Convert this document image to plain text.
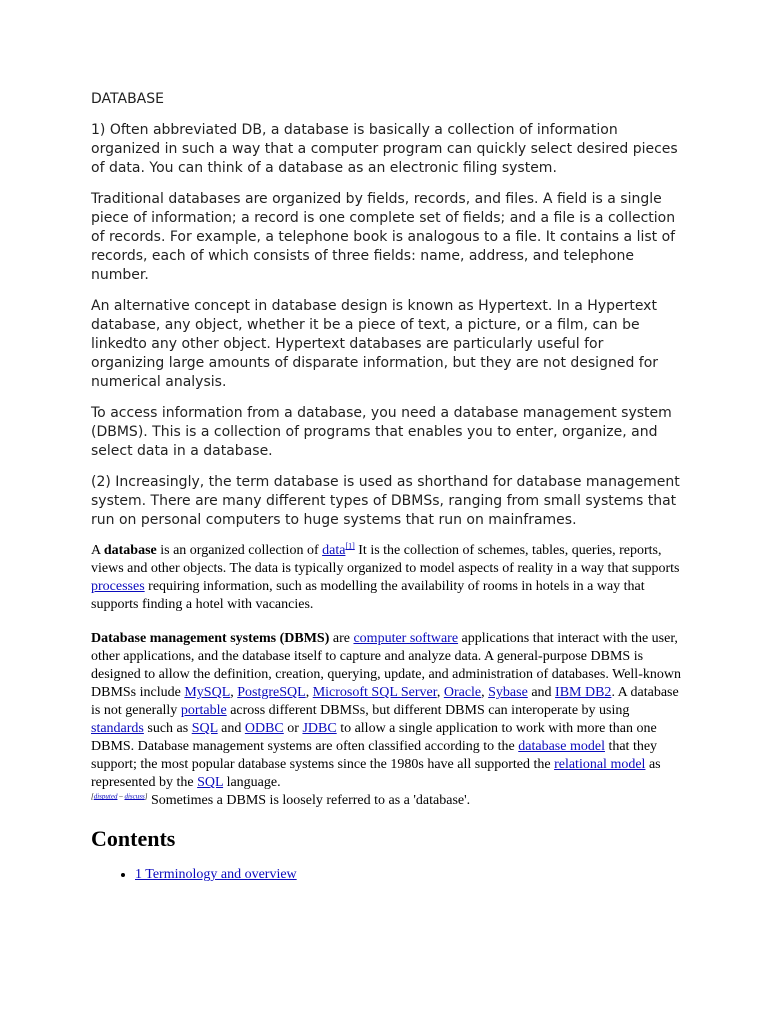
DATABASE

1) Often abbreviated DB, a database is basically a collection of information organized in such a way that a computer program can quickly select desired pieces of data. You can think of a database as an electronic filing system.

Traditional databases are organized by fields, records, and files. A field is a single piece of information; a record is one complete set of fields; and a file is a collection of records. For example, a telephone book is analogous to a file. It contains a list of records, each of which consists of three fields: name, address, and telephone number.

An alternative concept in database design is known as Hypertext. In a Hypertext database, any object, whether it be a piece of text, a picture, or a film, can be linkedto any other object. Hypertext databases are particularly useful for organizing large amounts of disparate information, but they are not designed for numerical analysis.

To access information from a database, you need a database management system (DBMS). This is a collection of programs that enables you to enter, organize, and select data in a database.

(2) Increasingly, the term database is used as shorthand for database management system. There are many different types of DBMSs, ranging from small systems that run on personal computers to huge systems that run on mainframes.

A database is an organized collection of data[1] It is the collection of schemes, tables, queries, reports, views and other objects. The data is typically organized to model aspects of reality in a way that supports processes requiring information, such as modelling the availability of rooms in hotels in a way that supports finding a hotel with vacancies.

Database management systems (DBMS) are computer software applications that interact with the user, other applications, and the database itself to capture and analyze data. A general-purpose DBMS is designed to allow the definition, creation, querying, update, and administration of databases. Well-known DBMSs include MySQL, PostgreSQL, Microsoft SQL Server, Oracle, Sybase and IBM DB2. A database is not generally portable across different DBMSs, but different DBMS can interoperate by using standards such as SQL and ODBC or JDBC to allow a single application to work with more than one DBMS. Database management systems are often classified according to the database model that they support; the most popular database systems since the 1980s have all supported the relational model as represented by the SQL language.
[disputed – discuss] Sometimes a DBMS is loosely referred to as a 'database'.

Contents
• 1 Terminology and overview
